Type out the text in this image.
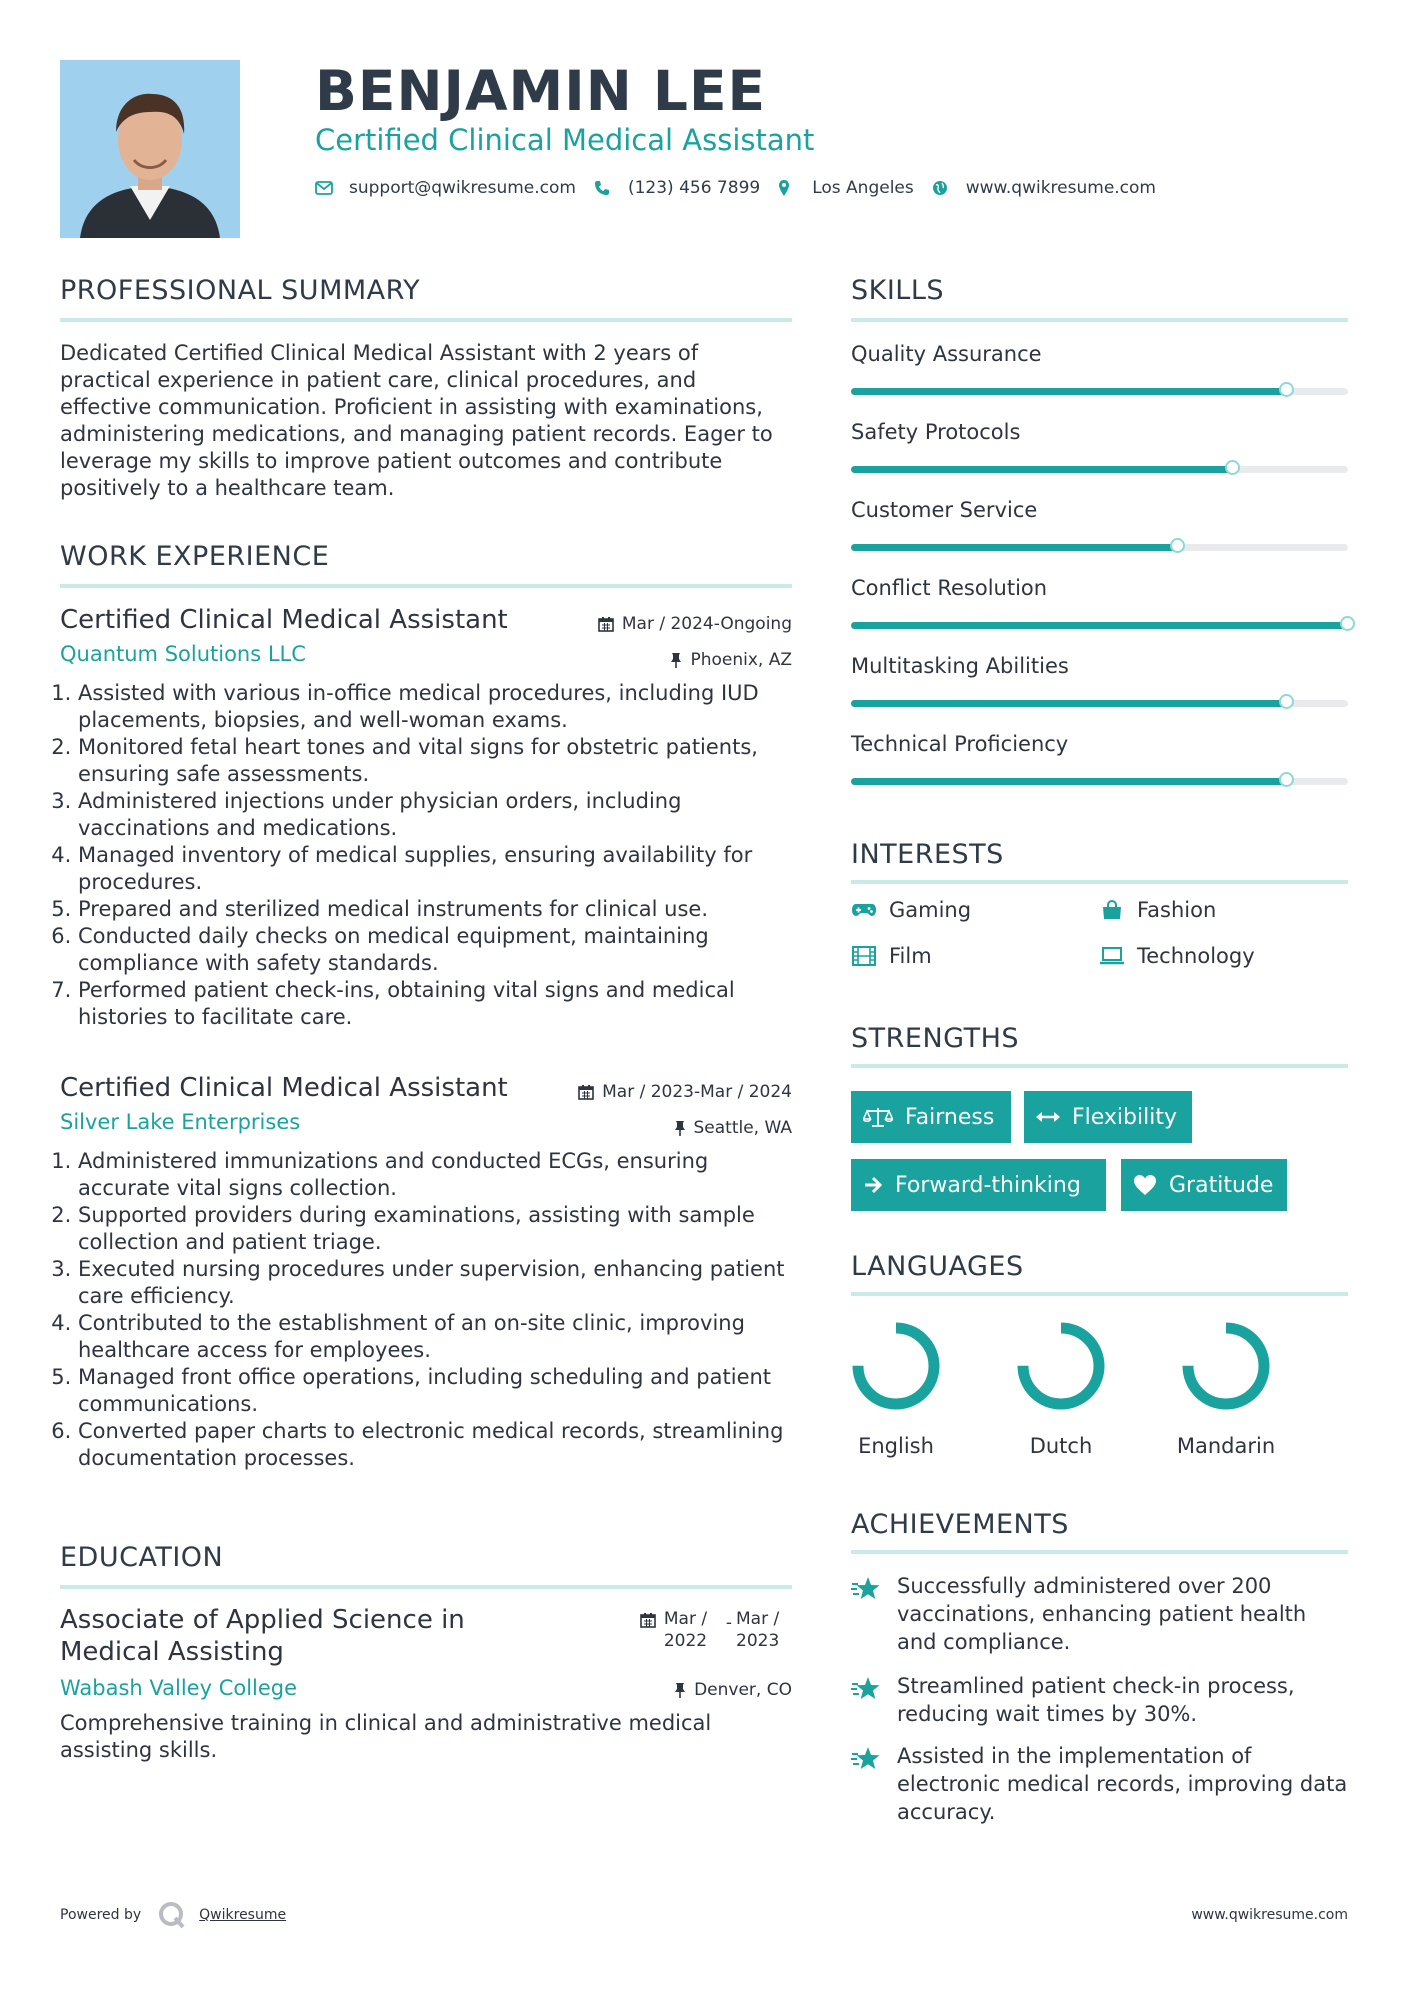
BENJAMIN LEE
Certified Clinical Medical Assistant
support@qwikresume.com	(123) 456 7899	Los Angeles	www.qwikresume.com
PROFESSIONAL SUMMARY
Dedicated Certified Clinical Medical Assistant with 2 years of practical experience in patient care, clinical procedures, and effective communication. Proficient in assisting with examinations, administering medications, and managing patient records. Eager to leverage my skills to improve patient outcomes and contribute positively to a healthcare team.
WORK EXPERIENCE
Certified Clinical Medical Assistant	Mar / 2024-Ongoing
Quantum Solutions LLC	Phoenix, AZ
1. Assisted with various in-office medical procedures, including IUD placements, biopsies, and well-woman exams.
2. Monitored fetal heart tones and vital signs for obstetric patients, ensuring safe assessments.
3. Administered injections under physician orders, including vaccinations and medications.
4. Managed inventory of medical supplies, ensuring availability for procedures.
5. Prepared and sterilized medical instruments for clinical use.
6. Conducted daily checks on medical equipment, maintaining compliance with safety standards.
7. Performed patient check-ins, obtaining vital signs and medical histories to facilitate care.
Certified Clinical Medical Assistant	Mar / 2023-Mar / 2024
Silver Lake Enterprises	Seattle, WA
1. Administered immunizations and conducted ECGs, ensuring accurate vital signs collection.
2. Supported providers during examinations, assisting with sample collection and patient triage.
3. Executed nursing procedures under supervision, enhancing patient care efficiency.
4. Contributed to the establishment of an on-site clinic, improving healthcare access for employees.
5. Managed front office operations, including scheduling and patient communications.
6. Converted paper charts to electronic medical records, streamlining documentation processes.
EDUCATION
Associate of Applied Science in Medical Assisting
Mar / 2022
- Mar / 2023
Wabash Valley College	Denver, CO
Comprehensive training in clinical and administrative medical assisting skills.
SKILLS
Quality Assurance
Safety Protocols
Customer Service
Conflict Resolution
Multitasking Abilities
Technical Proficiency
INTERESTS
Gaming	Fashion
Film	Technology
STRENGTHS
Fairness	Flexibility
Forward-thinking	Gratitude
LANGUAGES
English	Dutch	Mandarin
ACHIEVEMENTS
Successfully administered over 200 vaccinations, enhancing patient health and compliance.
Streamlined patient check-in process, reducing wait times by 30%.
Assisted in the implementation of electronic medical records, improving data accuracy.
Powered by	Qwikresume	www.qwikresume.com
